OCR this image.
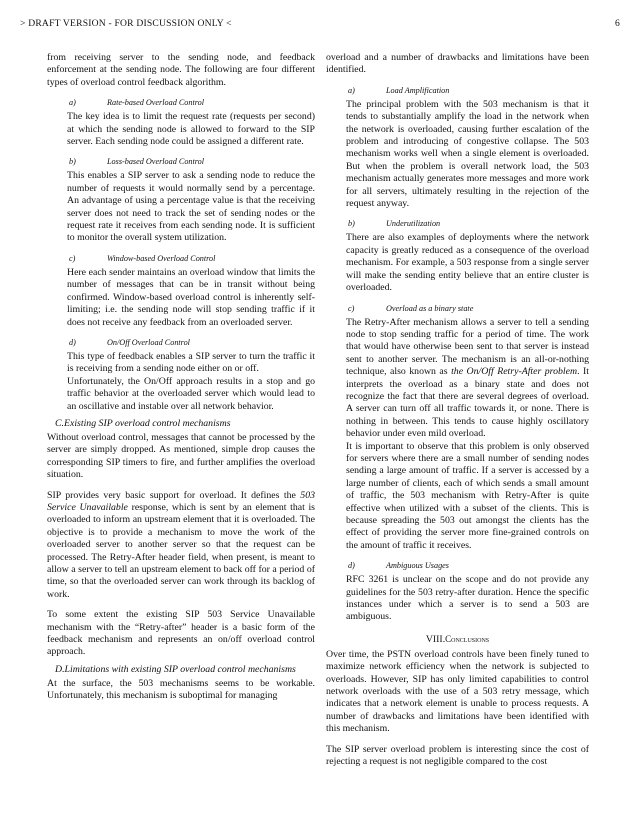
> DRAFT VERSION - FOR DISCUSSION ONLY <	6

from receiving server to the sending node, and feedback enforcement at the sending node. The following are four different types of overload control feedback algorithm.

a)	Rate-based Overload Control

The key idea is to limit the request rate (requests per second) at which the sending node is allowed to forward to the SIP server. Each sending node could be assigned a different rate.

b)	Loss-based Overload Control

This enables a SIP server to ask a sending node to reduce the number of requests it would normally send by a percentage. An advantage of using a percentage value is that the receiving server does not need to track the set of sending nodes or the request rate it receives from each sending node. It is sufficient to monitor the overall system utilization.

c)	Window-based Overload Control

Here each sender maintains an overload window that limits the number of messages that can be in transit without being confirmed. Window-based overload control is inherently self-limiting; i.e. the sending node will stop sending traffic if it does not receive any feedback from an overloaded server.

d)	On/Off Overload Control

This type of feedback enables a SIP server to turn the traffic it is receiving from a sending node either on or off.

Unfortunately, the On/Off approach results in a stop and go traffic behavior at the overloaded server which would lead to an oscillative and instable over all network behavior.

C.Existing SIP overload control mechanisms

Without overload control, messages that cannot be processed by the server are simply dropped. As mentioned, simple drop causes the corresponding SIP timers to fire, and further amplifies the overload situation.

SIP provides very basic support for overload. It defines the 503 Service Unavailable response, which is sent by an element that is overloaded to inform an upstream element that it is overloaded. The objective is to provide a mechanism to move the work of the overloaded server to another server so that the request can be processed. The Retry-After header field, when present, is meant to allow a server to tell an upstream element to back off for a period of time, so that the overloaded server can work through its backlog of work.

To some extent the existing SIP 503 Service Unavailable mechanism with the “Retry-after” header is a basic form of the feedback mechanism and represents an on/off overload control approach.

D.Limitations with existing SIP overload control mechanisms

At the surface, the 503 mechanisms seems to be workable. Unfortunately, this mechanism is suboptimal for managing

overload and a number of drawbacks and limitations have been identified.

a)	Load Amplification

The principal problem with the 503 mechanism is that it tends to substantially amplify the load in the network when the network is overloaded, causing further escalation of the problem and introducing of congestive collapse. The 503 mechanism works well when a single element is overloaded. But when the problem is overall network load, the 503 mechanism actually generates more messages and more work for all servers, ultimately resulting in the rejection of the request anyway.

b)	Underutilization

There are also examples of deployments where the network capacity is greatly reduced as a consequence of the overload mechanism. For example, a 503 response from a single server will make the sending entity believe that an entire cluster is overloaded.

c)	Overload as a binary state

The Retry-After mechanism allows a server to tell a sending node to stop sending traffic for a period of time. The work that would have otherwise been sent to that server is instead sent to another server. The mechanism is an all-or-nothing technique, also known as the On/Off Retry-After problem. It interprets the overload as a binary state and does not recognize the fact that there are several degrees of overload. A server can turn off all traffic towards it, or none. There is nothing in between. This tends to cause highly oscillatory behavior under even mild overload.

It is important to observe that this problem is only observed for servers where there are a small number of sending nodes sending a large amount of traffic. If a server is accessed by a large number of clients, each of which sends a small amount of traffic, the 503 mechanism with Retry-After is quite effective when utilized with a subset of the clients. This is because spreading the 503 out amongst the clients has the effect of providing the server more fine-grained controls on the amount of traffic it receives.

d)	Ambiguous Usages

RFC 3261 is unclear on the scope and do not provide any guidelines for the 503 retry-after duration. Hence the specific instances under which a server is to send a 503 are ambiguous.

VIII.Conclusions

Over time, the PSTN overload controls have been finely tuned to maximize network efficiency when the network is subjected to overloads. However, SIP has only limited capabilities to control network overloads with the use of a 503 retry message, which indicates that a network element is unable to process requests. A number of drawbacks and limitations have been identified with this mechanism.

The SIP server overload problem is interesting since the cost of rejecting a request is not negligible compared to the cost
